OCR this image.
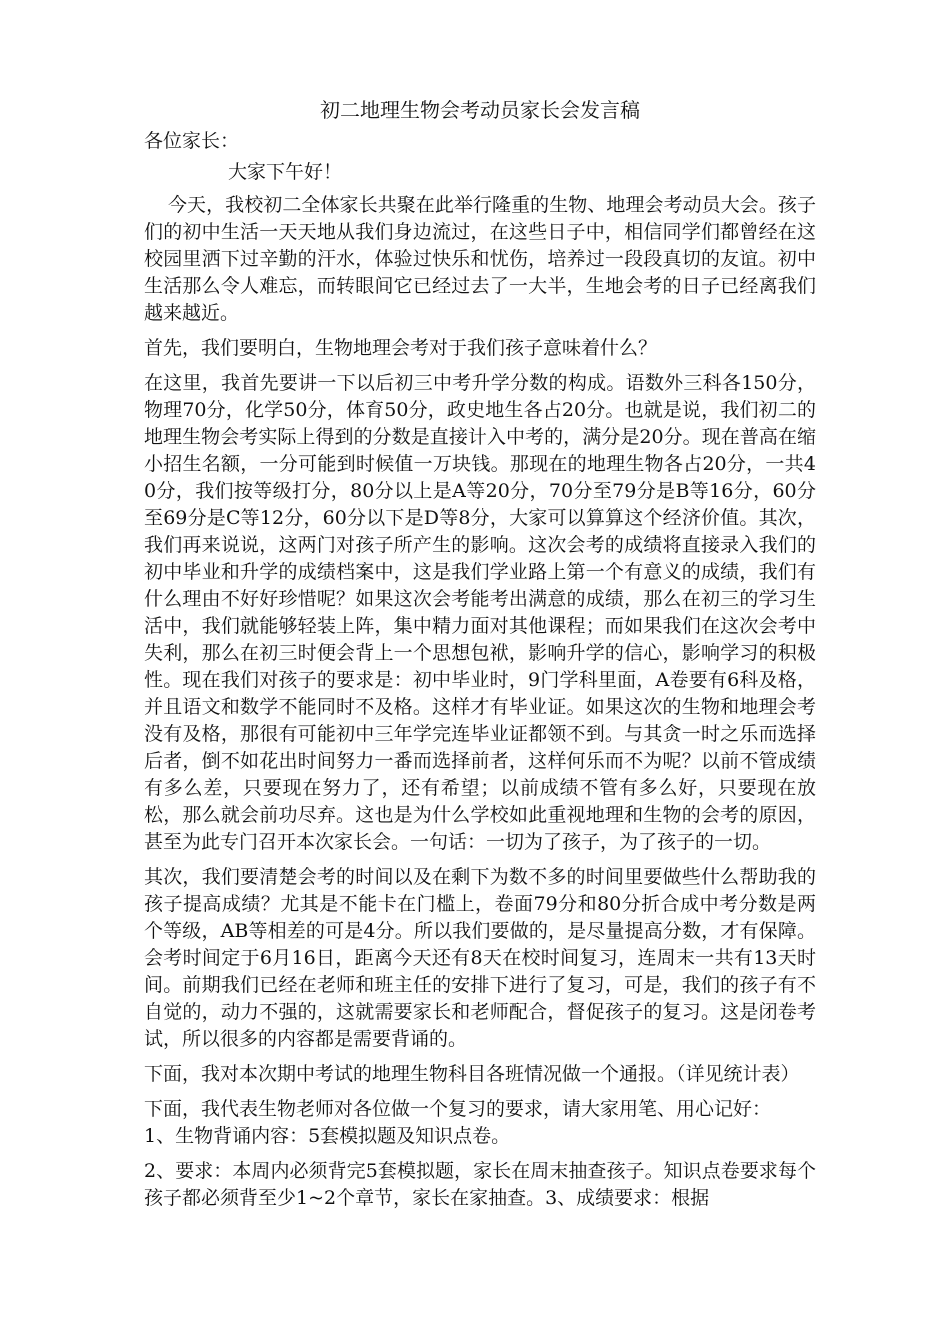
初二地理生物会考动员家长会发言稿
各位家长：
大家下午好！
今天，我校初二全体家长共聚在此举行隆重的生物、地理会考动员大会。孩子们的初中生活一天天地从我们身边流过，在这些日子中，相信同学们都曾经在这校园里洒下过辛勤的汗水，体验过快乐和忧伤，培养过一段段真切的友谊。初中生活那么令人难忘，而转眼间它已经过去了一大半，生地会考的日子已经离我们越来越近。
首先，我们要明白，生物地理会考对于我们孩子意味着什么？
在这里，我首先要讲一下以后初三中考升学分数的构成。语数外三科各150分，物理70分，化学50分，体育50分，政史地生各占20分。也就是说，我们初二的地理生物会考实际上得到的分数是直接计入中考的，满分是20分。现在普高在缩小招生名额，一分可能到时候值一万块钱。那现在的地理生物各占20分，一共40分，我们按等级打分，80分以上是A等20分，70分至79分是B等16分，60分至69分是C等12分，60分以下是D等8分，大家可以算算这个经济价值。其次，我们再来说说，这两门对孩子所产生的影响。这次会考的成绩将直接录入我们的初中毕业和升学的成绩档案中，这是我们学业路上第一个有意义的成绩，我们有什么理由不好好珍惜呢？如果这次会考能考出满意的成绩，那么在初三的学习生活中，我们就能够轻装上阵，集中精力面对其他课程；而如果我们在这次会考中失利，那么在初三时便会背上一个思想包袱，影响升学的信心，影响学习的积极性。现在我们对孩子的要求是：初中毕业时，9门学科里面，A卷要有6科及格，并且语文和数学不能同时不及格。这样才有毕业证。如果这次的生物和地理会考没有及格，那很有可能初中三年学完连毕业证都领不到。与其贪一时之乐而选择后者，倒不如花出时间努力一番而选择前者，这样何乐而不为呢？以前不管成绩有多么差，只要现在努力了，还有希望；以前成绩不管有多么好，只要现在放松，那么就会前功尽弃。这也是为什么学校如此重视地理和生物的会考的原因，甚至为此专门召开本次家长会。一句话：一切为了孩子，为了孩子的一切。
其次，我们要清楚会考的时间以及在剩下为数不多的时间里要做些什么帮助我的孩子提高成绩？尤其是不能卡在门槛上，卷面79分和80分折合成中考分数是两个等级，AB等相差的可是4分。所以我们要做的，是尽量提高分数，才有保障。会考时间定于6月16日，距离今天还有8天在校时间复习，连周末一共有13天时间。前期我们已经在老师和班主任的安排下进行了复习，可是，我们的孩子有不自觉的，动力不强的，这就需要家长和老师配合，督促孩子的复习。这是闭卷考试，所以很多的内容都是需要背诵的。
下面，我对本次期中考试的地理生物科目各班情况做一个通报。（详见统计表）
下面，我代表生物老师对各位做一个复习的要求，请大家用笔、用心记好：
1、生物背诵内容：5套模拟题及知识点卷。
2、要求：本周内必须背完5套模拟题，家长在周末抽查孩子。知识点卷要求每个孩子都必须背至少1~2个章节，家长在家抽查。3、成绩要求：根据
